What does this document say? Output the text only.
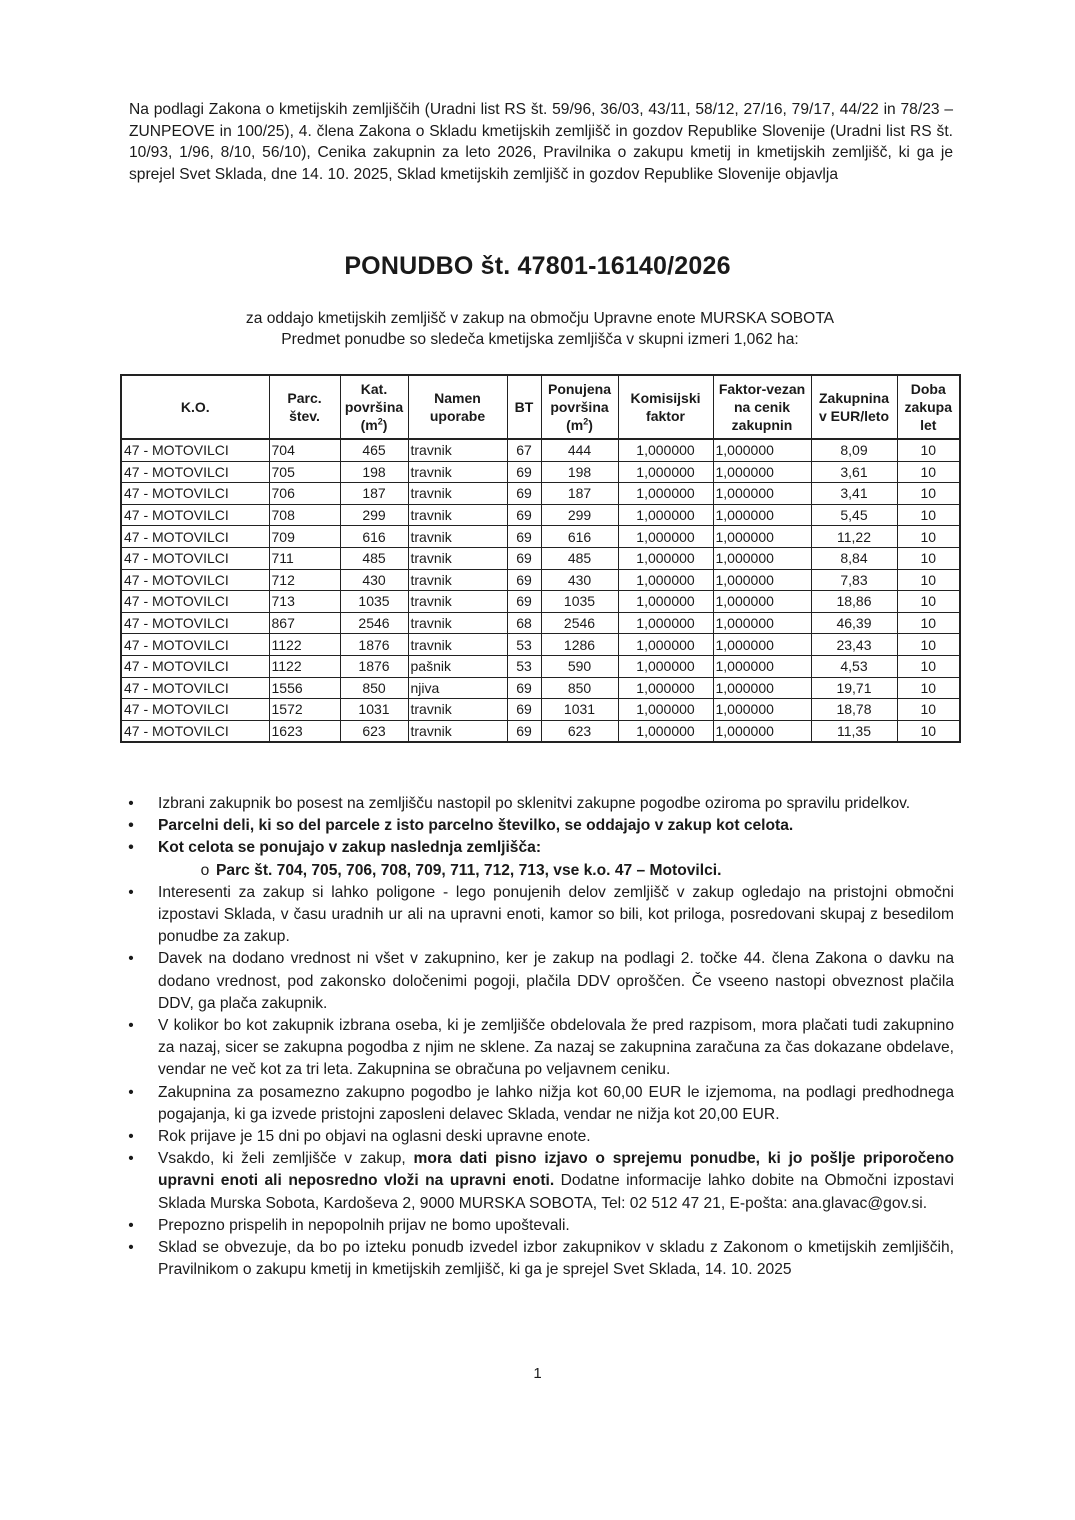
Na podlagi Zakona o kmetijskih zemljiščih (Uradni list RS št. 59/96, 36/03, 43/11, 58/12, 27/16, 79/17, 44/22 in 78/23 – ZUNPEOVE in 100/25), 4. člena Zakona o Skladu kmetijskih zemljišč in gozdov Republike Slovenije (Uradni list RS št. 10/93, 1/96, 8/10, 56/10), Cenika zakupnin za leto 2026, Pravilnika o zakupu kmetij in kmetijskih zemljišč, ki ga je sprejel Svet Sklada, dne 14. 10. 2025, Sklad kmetijskih zemljišč in gozdov Republike Slovenije objavlja

PONUDBO št. 47801-16140/2026

za oddajo kmetijskih zemljišč v zakup na območju Upravne enote MURSKA SOBOTA

Predmet ponudbe so sledeča kmetijska zemljišča v skupni izmeri 1,062 ha:

K.O.	Parc. štev.	Kat. površina
$(m^2)$	Namen uporabe	BT	Ponujena površina
$(m^2)$	Komisijski faktor	Faktor-vezan na cenik zakupnin	Zakupnina v EUR/leto	Doba zakupa let
47 - MOTOVILCI	704	465	travnik	67	444	1,000000	1,000000	8,09	10
47 - MOTOVILCI	705	198	travnik	69	198	1,000000	1,000000	3,61	10
47 - MOTOVILCI	706	187	travnik	69	187	1,000000	1,000000	3,41	10
47 - MOTOVILCI	708	299	travnik	69	299	1,000000	1,000000	5,45	10
47 - MOTOVILCI	709	616	travnik	69	616	1,000000	1,000000	11,22	10
47 - MOTOVILCI	711	485	travnik	69	485	1,000000	1,000000	8,84	10
47 - MOTOVILCI	712	430	travnik	69	430	1,000000	1,000000	7,83	10
47 - MOTOVILCI	713	1035	travnik	69	1035	1,000000	1,000000	18,86	10
47 - MOTOVILCI	867	2546	travnik	68	2546	1,000000	1,000000	46,39	10
47 - MOTOVILCI	1122	1876	travnik	53	1286	1,000000	1,000000	23,43	10
47 - MOTOVILCI	1122	1876	pašnik	53	590	1,000000	1,000000	4,53	10
47 - MOTOVILCI	1556	850	njiva	69	850	1,000000	1,000000	19,71	10
47 - MOTOVILCI	1572	1031	travnik	69	1031	1,000000	1,000000	18,78	10
47 - MOTOVILCI	1623	623	travnik	69	623	1,000000	1,000000	11,35	10
• Izbrani zakupnik bo posest na zemljišču nastopil po sklenitvi zakupne pogodbe oziroma po spravilu pridelkov.
• Parcelni deli, ki so del parcele z isto parcelno številko, se oddajajo v zakup kot celota.
• Kot celota se ponujajo v zakup naslednja zemljišča:
o Parc št. 704, 705, 706, 708, 709, 711, 712, 713, vse k.o. 47 – Motovilci.
• Interesenti za zakup si lahko poligone - lego ponujenih delov zemljišč v zakup ogledajo na pristojni območni izpostavi Sklada, v času uradnih ur ali na upravni enoti, kamor so bili, kot priloga, posredovani skupaj z besedilom ponudbe za zakup.
• Davek na dodano vrednost ni všet v zakupnino, ker je zakup na podlagi 2. točke 44. člena Zakona o davku na dodano vrednost, pod zakonsko določenimi pogoji, plačila DDV oproščen. Če vseeno nastopi obveznost plačila DDV, ga plača zakupnik.
• V kolikor bo kot zakupnik izbrana oseba, ki je zemljišče obdelovala že pred razpisom, mora plačati tudi zakupnino za nazaj, sicer se zakupna pogodba z njim ne sklene. Za nazaj se zakupnina zaračuna za čas dokazane obdelave, vendar ne več kot za tri leta. Zakupnina se obračuna po veljavnem ceniku.
• Zakupnina za posamezno zakupno pogodbo je lahko nižja kot 60,00 EUR le izjemoma, na podlagi predhodnega pogajanja, ki ga izvede pristojni zaposleni delavec Sklada, vendar ne nižja kot 20,00 EUR.
• Rok prijave je 15 dni po objavi na oglasni deski upravne enote.
• Vsakdo, ki želi zemljišče v zakup, mora dati pisno izjavo o sprejemu ponudbe, ki jo pošlje priporočeno upravni enoti ali neposredno vloži na upravni enoti. Dodatne informacije lahko dobite na Območni izpostavi Sklada Murska Sobota, Kardoševa 2, 9000 MURSKA SOBOTA, Tel: 02 512 47 21, E-pošta: ana.glavac@gov.si.
• Prepozno prispelih in nepopolnih prijav ne bomo upoštevali.
• Sklad se obvezuje, da bo po izteku ponudb izvedel izbor zakupnikov v skladu z Zakonom o kmetijskih zemljiščih, Pravilnikom o zakupu kmetij in kmetijskih zemljišč, ki ga je sprejel Svet Sklada, 14. 10. 2025
1
